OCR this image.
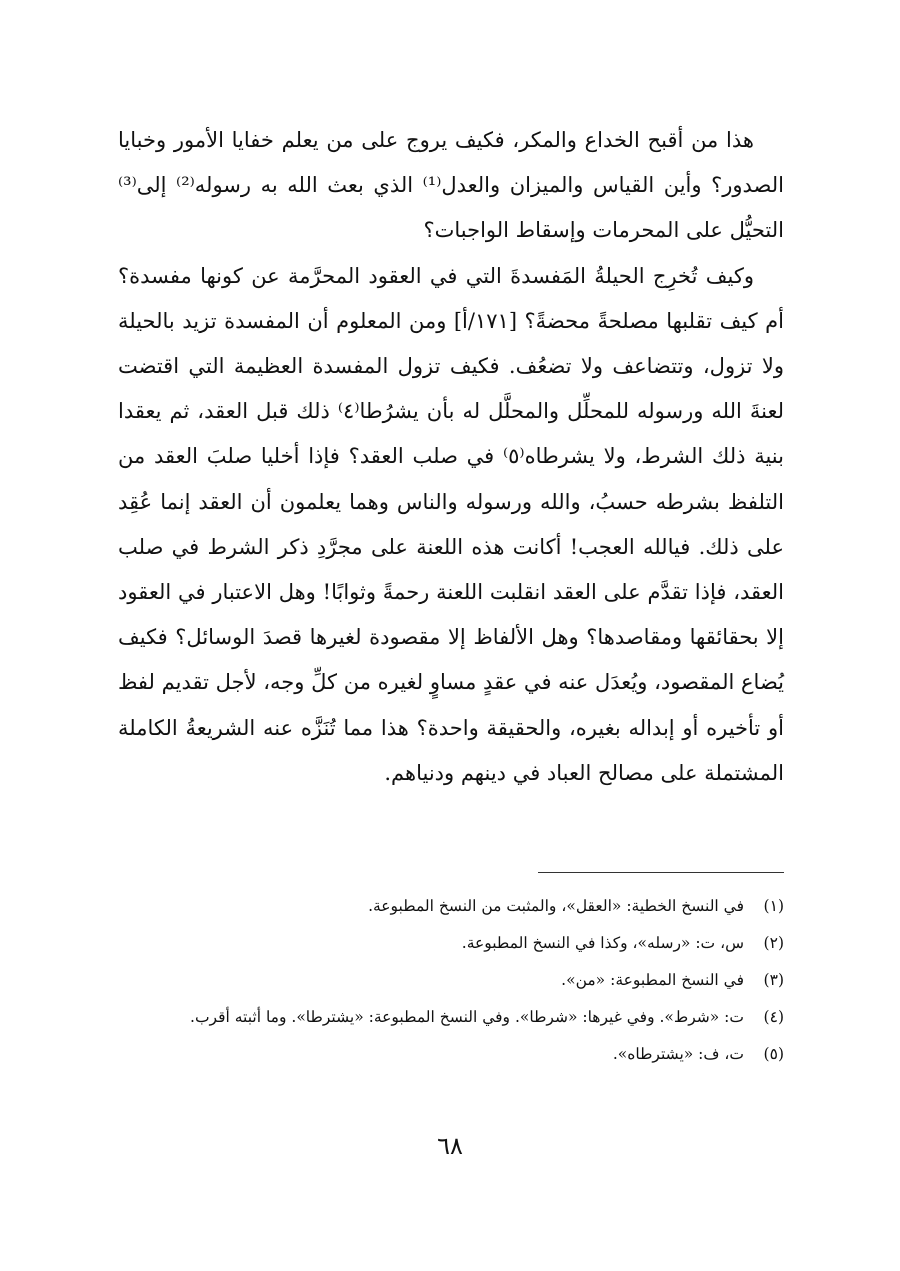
هذا من أقبح الخداع والمكر، فكيف يروج على من يعلم خفايا الأمور وخبايا الصدور؟ وأين القياس والميزان والعدل⁽¹⁾ الذي بعث الله به رسوله⁽²⁾ إلى⁽³⁾ التحيُّل على المحرمات وإسقاط الواجبات؟

وكيف تُخرِج الحيلةُ المَفسدةَ التي في العقود المحرَّمة عن كونها مفسدة؟ أم كيف تقلبها مصلحةً محضةً؟ [١٧١/أ] ومن المعلوم أن المفسدة تزيد بالحيلة ولا تزول، وتتضاعف ولا تضعُف. فكيف تزول المفسدة العظيمة التي اقتضت لعنةَ الله ورسوله للمحلِّل والمحلَّل له بأن يشرُطا⁽٤⁾ ذلك قبل العقد، ثم يعقدا بنية ذلك الشرط، ولا يشرطاه⁽٥⁾ في صلب العقد؟ فإذا أخليا صلبَ العقد من التلفظ بشرطه حسبُ، والله ورسوله والناس وهما يعلمون أن العقد إنما عُقِد على ذلك. فيالله العجب! أكانت هذه اللعنة على مجرَّدِ ذكر الشرط في صلب العقد، فإذا تقدَّم على العقد انقلبت اللعنة رحمةً وثوابًا! وهل الاعتبار في العقود إلا بحقائقها ومقاصدها؟ وهل الألفاظ إلا مقصودة لغيرها قصدَ الوسائل؟ فكيف يُضاع المقصود، ويُعدَل عنه في عقدٍ مساوٍ لغيره من كلِّ وجه، لأجل تقديم لفظ أو تأخيره أو إبداله بغيره، والحقيقة واحدة؟ هذا مما تُنَزَّه عنه الشريعةُ الكاملة المشتملة على مصالح العباد في دينهم ودنياهم.

(١)
في النسخ الخطية: «العقل»، والمثبت من النسخ المطبوعة.
(٢)
س، ت: «رسله»، وكذا في النسخ المطبوعة.
(٣)
في النسخ المطبوعة: «من».
(٤)
ت: «شرط». وفي غيرها: «شرطا». وفي النسخ المطبوعة: «يشترطا». وما أثبته أقرب.
(٥)
ت، ف: «يشترطاه».
٦٨
